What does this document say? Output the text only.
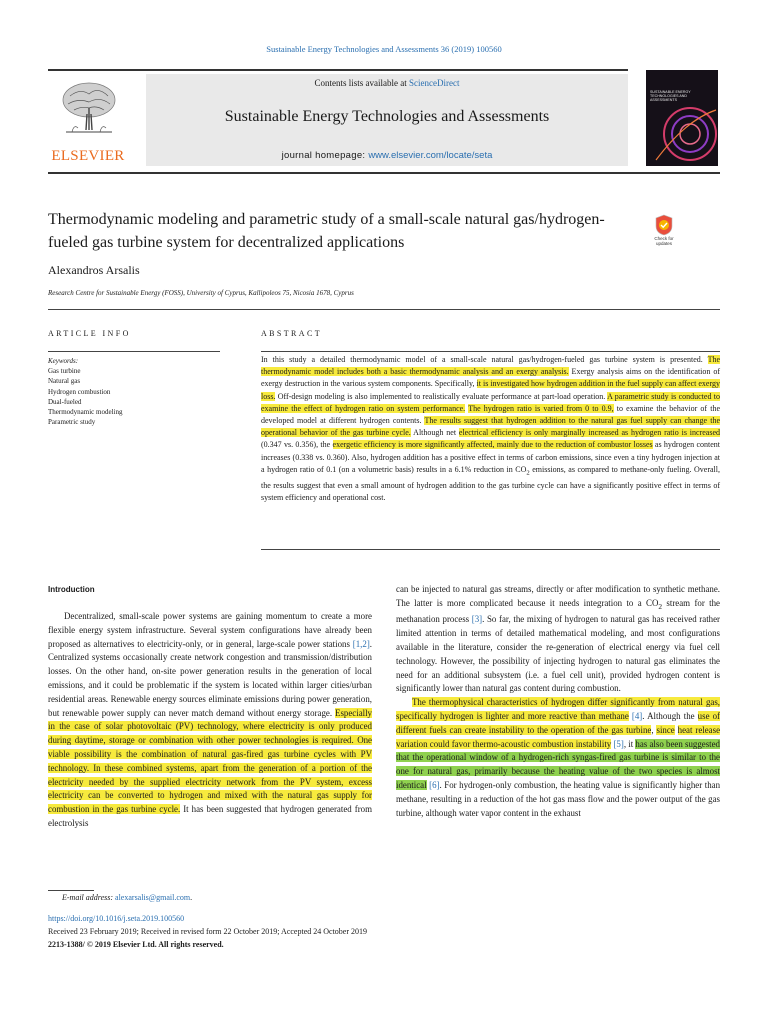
Sustainable Energy Technologies and Assessments 36 (2019) 100560
ELSEVIER
Contents lists available at ScienceDirect
Sustainable Energy Technologies and Assessments
journal homepage: www.elsevier.com/locate/seta
SUSTAINABLE ENERGY TECHNOLOGIES AND ASSESSMENTS
Thermodynamic modeling and parametric study of a small-scale natural gas/hydrogen-fueled gas turbine system for decentralized applications	Check for updates
Alexandros Arsalis
Research Centre for Sustainable Energy (FOSS), University of Cyprus, Kallipoleos 75, Nicosia 1678, Cyprus
ARTICLE INFO
Keywords:
Gas turbine
Natural gas
Hydrogen combustion
Dual-fueled
Thermodynamic modeling
Parametric study
ABSTRACT
In this study a detailed thermodynamic model of a small-scale natural gas/hydrogen-fueled gas turbine system is presented. The thermodynamic model includes both a basic thermodynamic analysis and an exergy analysis. Exergy analysis aims on the identification of exergy destruction in the various system components. Specifically, it is investigated how hydrogen addition in the fuel supply can affect exergy loss. Off-design modeling is also implemented to realistically evaluate performance at part-load operation. A parametric study is conducted to examine the effect of hydrogen ratio on system performance. The hydrogen ratio is varied from 0 to 0.9, to examine the behavior of the developed model at different hydrogen contents. The results suggest that hydrogen addition to the natural gas fuel supply can change the operational behavior of the gas turbine cycle. Although net electrical efficiency is only marginally increased as hydrogen ratio is increased (0.347 vs. 0.356), the exergetic efficiency is more significantly affected, mainly due to the reduction of combustor losses as hydrogen content increases (0.338 vs. 0.360). Also, hydrogen addition has a positive effect in terms of carbon emissions, since even a tiny hydrogen injection at a hydrogen ratio of 0.1 (on a volumetric basis) results in a 6.1% reduction in $CO_2$ emissions, as compared to methane-only fueling. Overall, the results suggest that even a small amount of hydrogen addition to the gas turbine cycle can have a significantly positive effect in terms of system efficiency and operational cost.
Introduction
Decentralized, small-scale power systems are gaining momentum to create a more flexible energy system infrastructure. Several system configurations have already been proposed as alternatives to electricity-only, or in general, large-scale power stations [1,2]. Centralized systems occasionally create network congestion and transmission/distribution losses. On the other hand, on-site power generation results in the generation of local emissions, and it could be problematic if the system is located within larger cities/urban residential areas. Renewable energy sources eliminate emissions during power generation, but renewable power supply can never match demand without energy storage. Especially in the case of solar photovoltaic (PV) technology, where electricity is only produced during daytime, storage or combination with other power technologies is required. One viable possibility is the combination of natural gas-fired gas turbine cycles with PV technology. In these combined systems, apart from the generation of a portion of the electricity needed by the supplied electricity network from the PV system, excess electricity can be converted to hydrogen and mixed with the natural gas supply for combustion in the gas turbine cycle. It has been suggested that hydrogen generated from electrolysis
can be injected to natural gas streams, directly or after modification to synthetic methane. The latter is more complicated because it needs integration to a $CO_2$ stream for the methanation process [3]. So far, the mixing of hydrogen to natural gas has received rather limited attention in terms of detailed mathematical modeling, and most configurations available in the literature, consider the re-generation of electrical energy via fuel cell technology. However, the possibility of injecting hydrogen to natural gas eliminates the need for an additional subsystem (i.e. a fuel cell unit), provided hydrogen content is significantly lower than natural gas content during combustion.
The thermophysical characteristics of hydrogen differ significantly from natural gas, specifically hydrogen is lighter and more reactive than methane [4]. Although the use of different fuels can create instability to the operation of the gas turbine, since heat release variation could favor thermo-acoustic combustion instability [5], it has also been suggested that the operational window of a hydrogen-rich syngas-fired gas turbine is similar to the one for natural gas, primarily because the heating value of the two species is almost identical [6]. For hydrogen-only combustion, the heating value is significantly higher than methane, resulting in a reduction of the hot gas mass flow and the power output of the gas turbine, although water vapor content in the exhaust
E-mail address: alexarsalis@gmail.com.
https://doi.org/10.1016/j.seta.2019.100560
Received 23 February 2019; Received in revised form 22 October 2019; Accepted 24 October 2019
2213-1388/ © 2019 Elsevier Ltd. All rights reserved.
